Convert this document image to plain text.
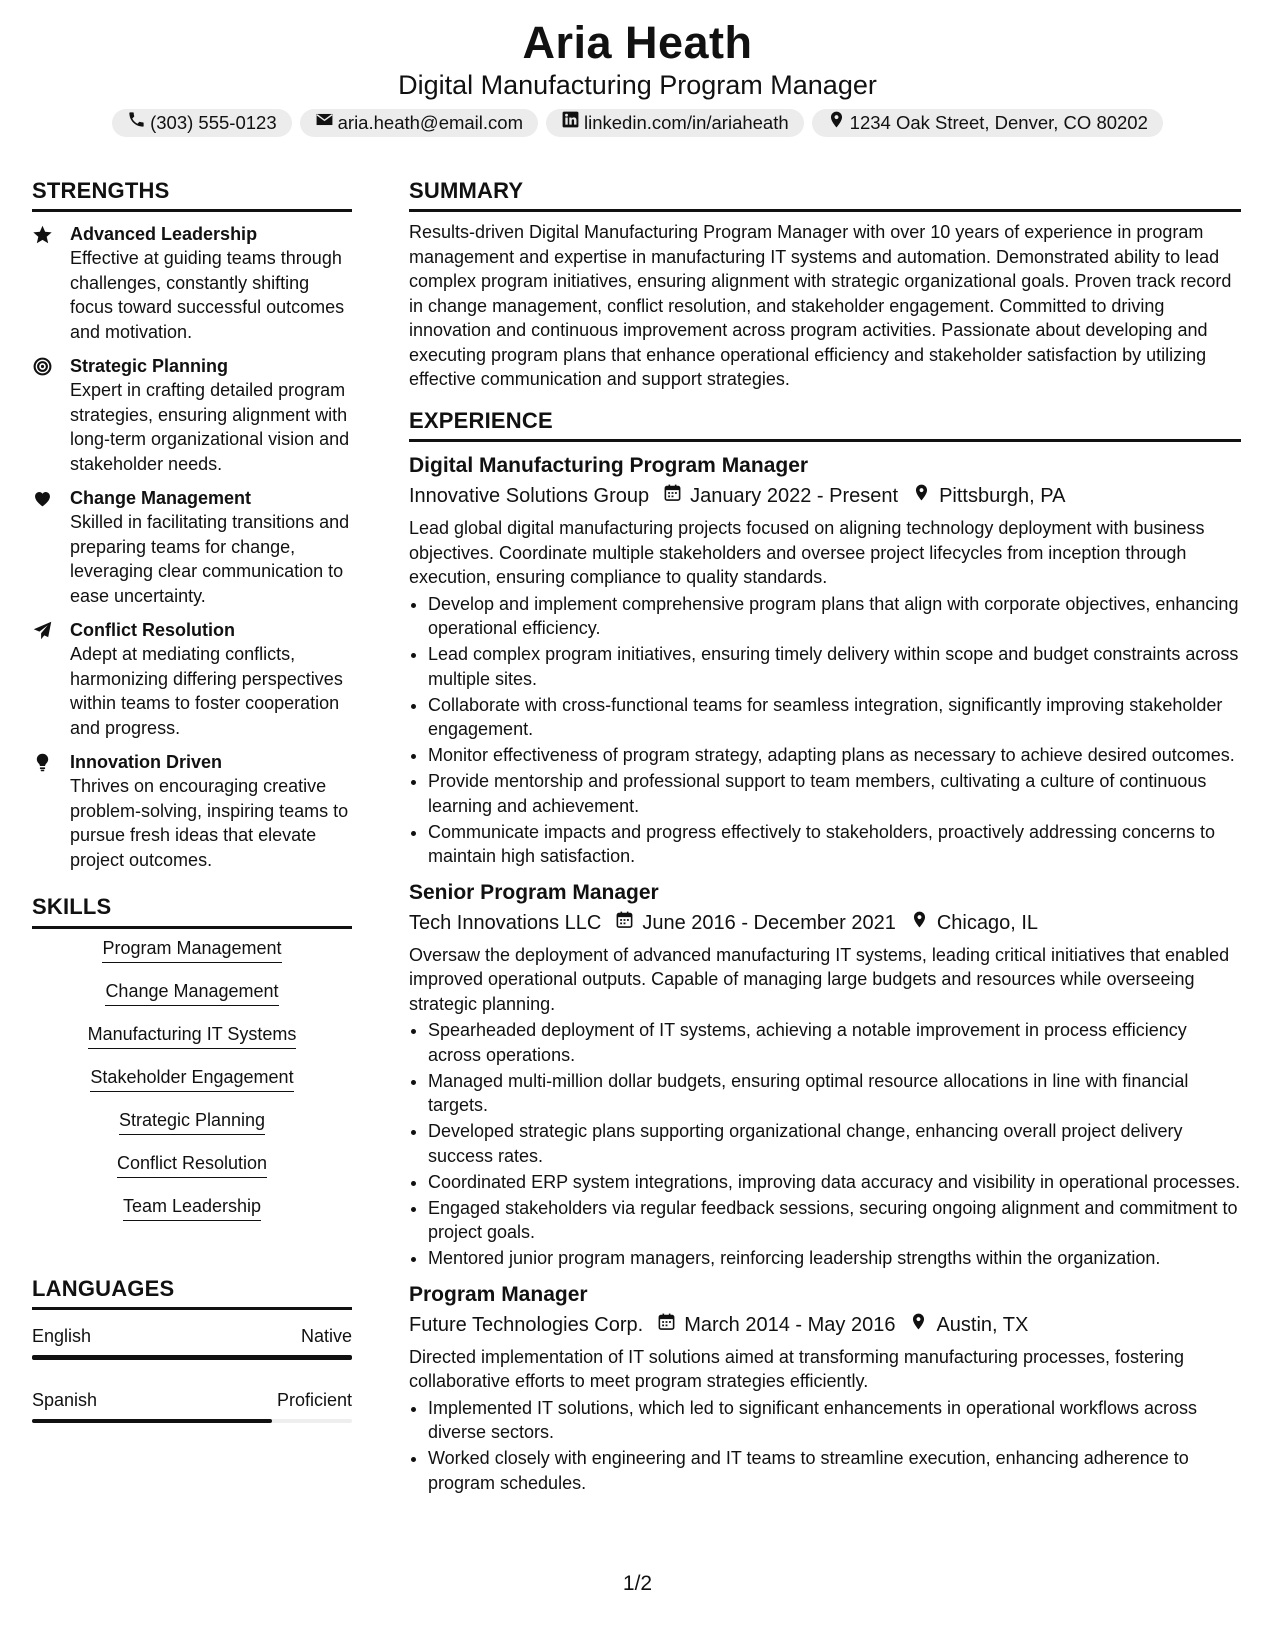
Aria Heath
Digital Manufacturing Program Manager
(303) 555-0123	aria.heath@email.com	linkedin.com/in/ariaheath	1234 Oak Street, Denver, CO 80202
STRENGTHS
Advanced Leadership
Effective at guiding teams through challenges, constantly shifting focus toward successful outcomes and motivation.
Strategic Planning
Expert in crafting detailed program strategies, ensuring alignment with long-term organizational vision and stakeholder needs.
Change Management
Skilled in facilitating transitions and preparing teams for change, leveraging clear communication to ease uncertainty.
Conflict Resolution
Adept at mediating conflicts, harmonizing differing perspectives within teams to foster cooperation and progress.
Innovation Driven
Thrives on encouraging creative problem-solving, inspiring teams to pursue fresh ideas that elevate project outcomes.
SKILLS
Program Management
Change Management
Manufacturing IT Systems
Stakeholder Engagement
Strategic Planning
Conflict Resolution
Team Leadership
LANGUAGES
English	Native
Spanish	Proficient
SUMMARY
Results-driven Digital Manufacturing Program Manager with over 10 years of experience in program management and expertise in manufacturing IT systems and automation. Demonstrated ability to lead complex program initiatives, ensuring alignment with strategic organizational goals. Proven track record in change management, conflict resolution, and stakeholder engagement. Committed to driving innovation and continuous improvement across program activities. Passionate about developing and executing program plans that enhance operational efficiency and stakeholder satisfaction by utilizing effective communication and support strategies.
EXPERIENCE
Digital Manufacturing Program Manager
Innovative Solutions Group January 2022 - Present Pittsburgh, PA
Lead global digital manufacturing projects focused on aligning technology deployment with business objectives. Coordinate multiple stakeholders and oversee project lifecycles from inception through execution, ensuring compliance to quality standards.
• Develop and implement comprehensive program plans that align with corporate objectives, enhancing operational efficiency.
• Lead complex program initiatives, ensuring timely delivery within scope and budget constraints across multiple sites.
• Collaborate with cross-functional teams for seamless integration, significantly improving stakeholder engagement.
• Monitor effectiveness of program strategy, adapting plans as necessary to achieve desired outcomes.
• Provide mentorship and professional support to team members, cultivating a culture of continuous learning and achievement.
• Communicate impacts and progress effectively to stakeholders, proactively addressing concerns to maintain high satisfaction.
Senior Program Manager
Tech Innovations LLC June 2016 - December 2021 Chicago, IL
Oversaw the deployment of advanced manufacturing IT systems, leading critical initiatives that enabled improved operational outputs. Capable of managing large budgets and resources while overseeing strategic planning.
• Spearheaded deployment of IT systems, achieving a notable improvement in process efficiency across operations.
• Managed multi-million dollar budgets, ensuring optimal resource allocations in line with financial targets.
• Developed strategic plans supporting organizational change, enhancing overall project delivery success rates.
• Coordinated ERP system integrations, improving data accuracy and visibility in operational processes.
• Engaged stakeholders via regular feedback sessions, securing ongoing alignment and commitment to project goals.
• Mentored junior program managers, reinforcing leadership strengths within the organization.
Program Manager
Future Technologies Corp. March 2014 - May 2016 Austin, TX
Directed implementation of IT solutions aimed at transforming manufacturing processes, fostering collaborative efforts to meet program strategies efficiently.
• Implemented IT solutions, which led to significant enhancements in operational workflows across diverse sectors.
• Worked closely with engineering and IT teams to streamline execution, enhancing adherence to program schedules.
1/2
